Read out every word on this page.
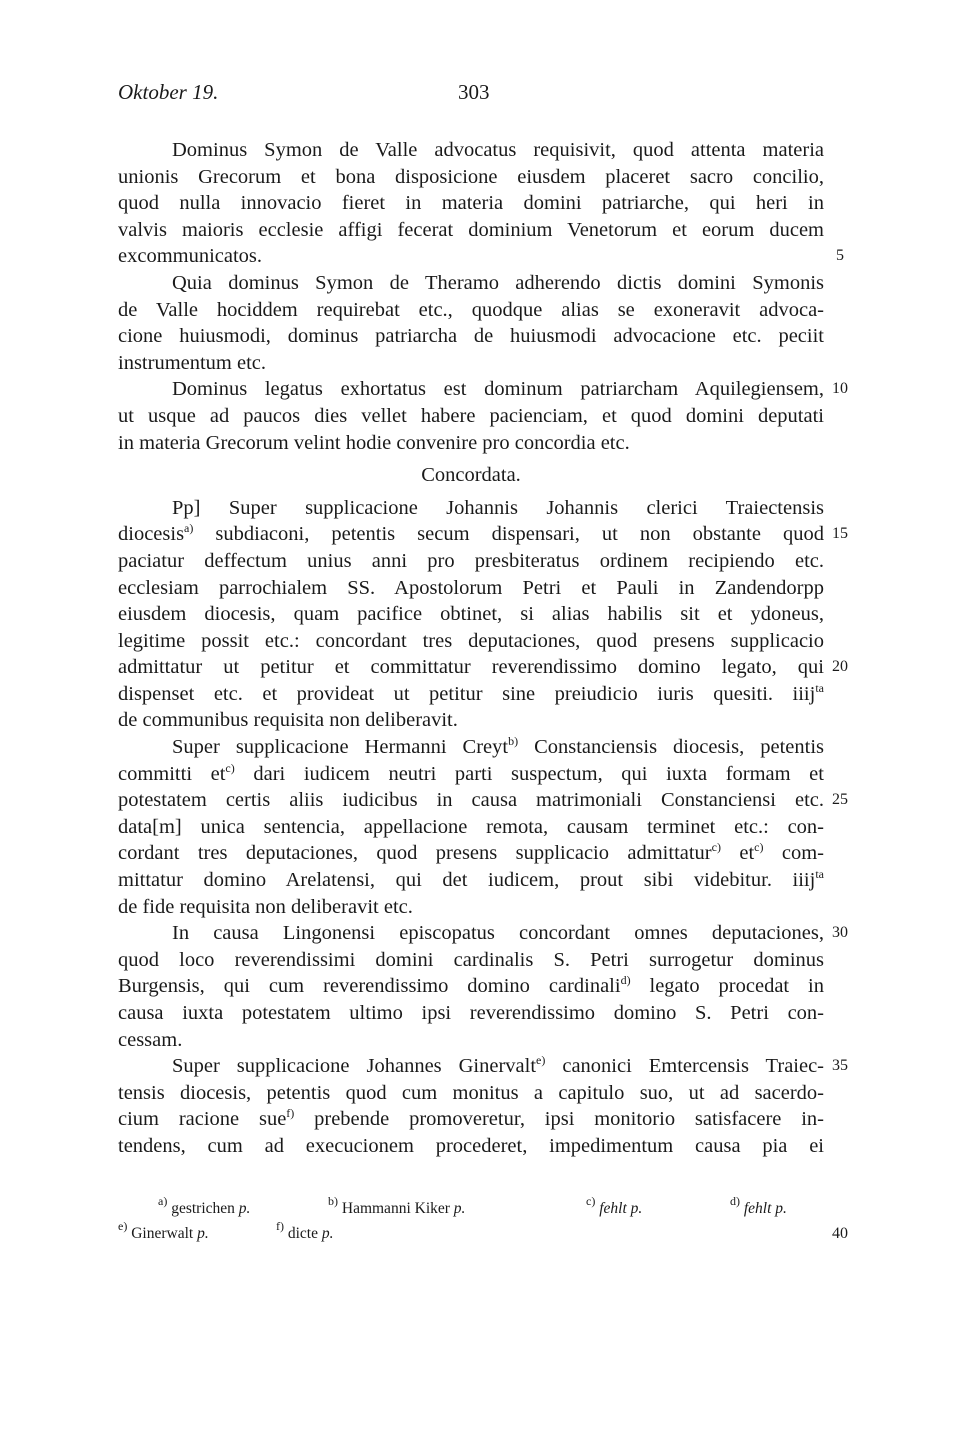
Oktober 19.	303
Dominus Symon de Valle advocatus requisivit, quod attenta materia
unionis Grecorum et bona disposicione eiusdem placeret sacro concilio,
quod nulla innovacio fieret in materia domini patriarche, qui heri in
valvis maioris ecclesie affigi fecerat dominium Venetorum et eorum ducem
excommunicatos.	5
Quia dominus Symon de Theramo adherendo dictis domini Symonis
de Valle hociddem requirebat etc., quodque alias se exoneravit advoca-
cione huiusmodi, dominus patriarcha de huiusmodi advocacione etc. peciit
instrumentum etc.
Dominus legatus exhortatus est dominum patriarcham Aquilegiensem, 10
ut usque ad paucos dies vellet habere pacienciam, et quod domini deputati
in materia Grecorum velint hodie convenire pro concordia etc.
Concordata.
Pp] Super supplicacione Johannis Johannis clerici Traiectensis
diocesis$^{a)}$ subdiaconi, petentis secum dispensari, ut non obstante quod 15
paciatur deffectum unius anni pro presbiteratus ordinem recipiendo etc.
ecclesiam parrochialem SS. Apostolorum Petri et Pauli in Zandendorpp
eiusdem diocesis, quam pacifice obtinet, si alias habilis sit et ydoneus,
legitime possit etc.: concordant tres deputaciones, quod presens supplicacio
admittatur ut petitur et committatur reverendissimo domino legato, qui 20
dispenset etc. et provideat ut petitur sine preiudicio iuris quesiti. iiij$^{ta}$
de communibus requisita non deliberavit.
Super supplicacione Hermanni Creyt$^{b)}$ Constanciensis diocesis, petentis
committi $et^{c)}$ dari iudicem neutri parti suspectum, qui iuxta formam et
potestatem certis aliis iudicibus in causa matrimoniali Constanciensi etc. 25
data[m] unica sentencia, appellacione remota, causam terminet etc.: con-
cordant tres deputaciones, quod presens supplicacio admittatur$^{c)}$ $et^{c)}$ com-
mittatur domino Arelatensi, qui det iudicem, prout sibi videbitur. iiij$^{ta}$
de fide requisita non deliberavit etc.
In causa Lingonensi episcopatus concordant omnes deputaciones, 30
quod loco reverendissimi domini cardinalis S. Petri surrogetur dominus
Burgensis, qui cum reverendissimo domino cardinali$^{d)}$ legato procedat in
causa iuxta potestatem ultimo ipsi reverendissimo domino S. Petri con-
cessam.
Super supplicacione Johannes Ginervalt$^{e)}$ canonici Emtercensis Traiec- 35
tensis diocesis, petentis quod cum monitus a capitulo suo, ut ad sacerdo-
cium racione sue$^{f)}$ prebende promoveretur, ipsi monitorio satisfacere in-
tendens, cum ad execucionem procederet, impedimentum causa pia ei
$^{a)}$ gestrichen p.	$^{b)}$ Hammanni Kiker p.	$^{c)}$ fehlt p.	$^{d)}$ fehlt p.
40
$^{e)}$ Ginerwalt p.	$^{f)}$ dicte p.
